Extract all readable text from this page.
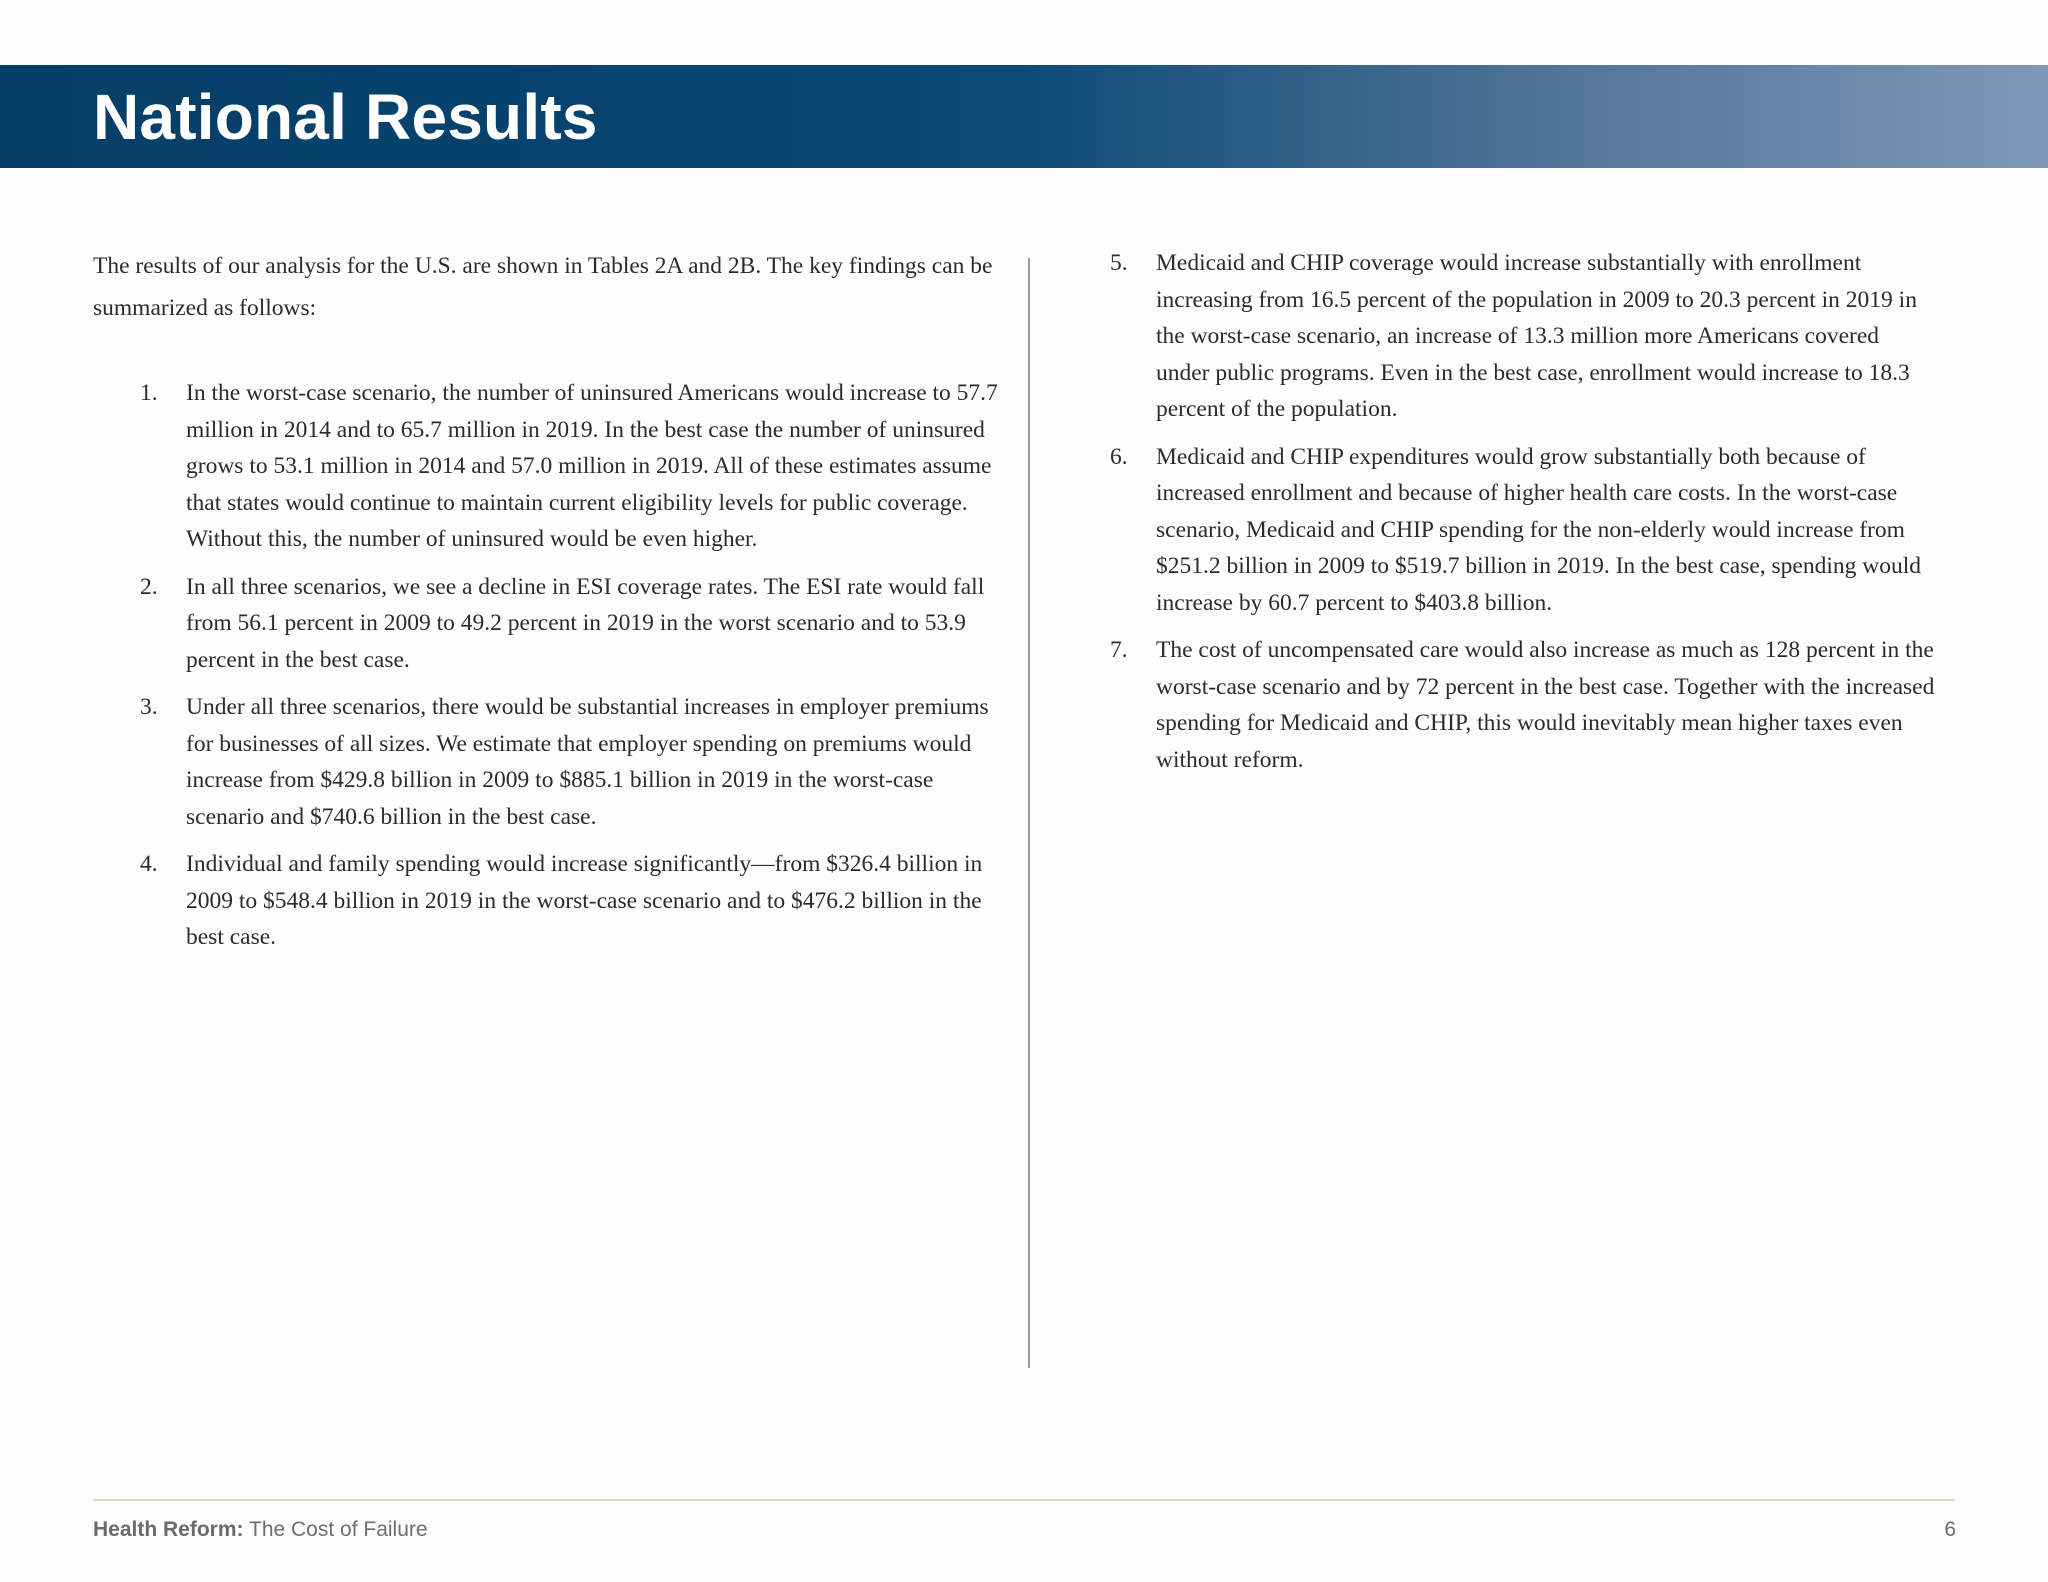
National Results

The results of our analysis for the U.S. are shown in Tables 2A and 2B. The key findings can be summarized as follows:

1. In the worst-case scenario, the number of uninsured Americans would increase to 57.7 million in 2014 and to 65.7 million in 2019. In the best case the number of uninsured grows to 53.1 million in 2014 and 57.0 million in 2019. All of these estimates assume that states would continue to maintain current eligibility levels for public coverage. Without this, the number of uninsured would be even higher.
2. In all three scenarios, we see a decline in ESI coverage rates. The ESI rate would fall from 56.1 percent in 2009 to 49.2 percent in 2019 in the worst scenario and to 53.9 percent in the best case.
3. Under all three scenarios, there would be substantial increases in employer premiums for businesses of all sizes. We estimate that employer spending on premiums would increase from $429.8 billion in 2009 to $885.1 billion in 2019 in the worst-case scenario and $740.6 billion in the best case.
4. Individual and family spending would increase significantly—from $326.4 billion in 2009 to $548.4 billion in 2019 in the worst-case scenario and to $476.2 billion in the best case.
5. Medicaid and CHIP coverage would increase substantially with enrollment increasing from 16.5 percent of the population in 2009 to 20.3 percent in 2019 in the worst-case scenario, an increase of 13.3 million more Americans covered under public programs. Even in the best case, enrollment would increase to 18.3 percent of the population.
6. Medicaid and CHIP expenditures would grow substantially both because of increased enrollment and because of higher health care costs. In the worst-case scenario, Medicaid and CHIP spending for the non-elderly would increase from $251.2 billion in 2009 to $519.7 billion in 2019. In the best case, spending would increase by 60.7 percent to $403.8 billion.
7. The cost of uncompensated care would also increase as much as 128 percent in the worst-case scenario and by 72 percent in the best case. Together with the increased spending for Medicaid and CHIP, this would inevitably mean higher taxes even without reform.
Health Reform: The Cost of Failure	6
